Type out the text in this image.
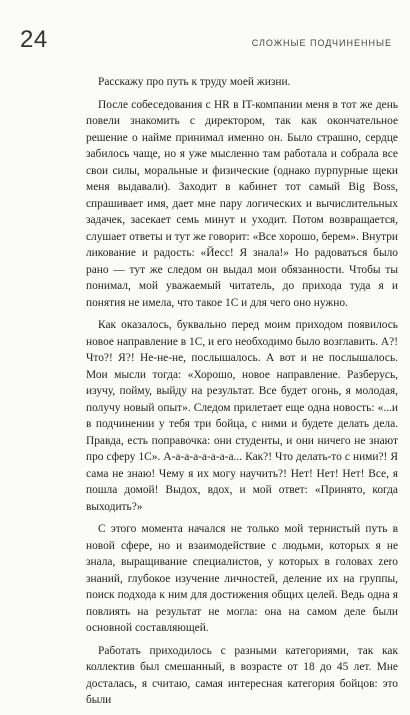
24	СЛОЖНЫЕ ПОДЧИНЕННЫЕ

Расскажу про путь к труду моей жизни.

После собеседования с HR в IT-компании меня в тот же день повели знакомить с директором, так как окончательное решение о найме принимал именно он. Было страшно, сердце забилось чаще, но я уже мысленно там работала и собрала все свои силы, моральные и физические (однако пурпурные щеки меня выдавали). Заходит в кабинет тот самый Big Boss, спрашивает имя, дает мне пару логических и вычислительных задачек, засекает семь минут и уходит. Потом возвращается, слушает ответы и тут же говорит: «Все хорошо, берем». Внутри ликование и радость: «Йесс! Я знала!» Но радоваться было рано — тут же следом он выдал мои обязанности. Чтобы ты понимал, мой уважаемый читатель, до прихода туда я и понятия не имела, что такое 1С и для чего оно нужно.

Как оказалось, буквально перед моим приходом появилось новое направление в 1С, и его необходимо было возглавить. А?! Что?! Я?! Не-не-не, послышалось. А вот и не послышалось. Мои мысли тогда: «Хорошо, новое направление. Разберусь, изучу, пойму, выйду на результат. Все будет огонь, я молодая, получу новый опыт». Следом прилетает еще одна новость: «...и в подчинении у тебя три бойца, с ними и будете делать дела. Правда, есть поправочка: они студенты, и они ничего не знают про сферу 1С». А-а-а-а-а-а-а-а... Как?! Что делать-то с ними?! Я сама не знаю! Чему я их могу научить?! Нет! Нет! Нет! Все, я пошла домой! Выдох, вдох, и мой ответ: «Принято, когда выходить?»

С этого момента начался не только мой тернистый путь в новой сфере, но и взаимодействие с людьми, которых я не знала, выращивание специалистов, у которых в головах zero знаний, глубокое изучение личностей, деление их на группы, поиск подхода к ним для достижения общих целей. Ведь одна я повлиять на результат не могла: она на самом деле были основной составляющей.

Работать приходилось с разными категориями, так как коллектив был смешанный, в возрасте от 18 до 45 лет. Мне досталась, я считаю, самая интересная категория бойцов: это были
